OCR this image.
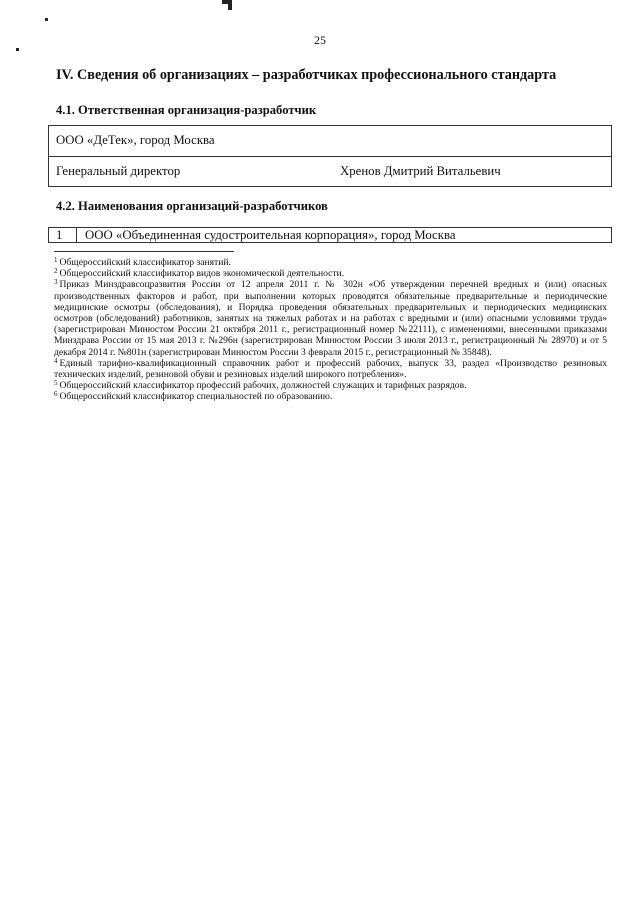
25
IV. Сведения об организациях – разработчиках профессионального стандарта
4.1. Ответственная организация-разработчик
ООО «ДеТек», город Москва
Генеральный директор	Хренов Дмитрий Витальевич
4.2. Наименования организаций-разработчиков
1	ООО «Объединенная судостроительная корпорация», город Москва

$^1$ Общероссийский классификатор занятий.

$^2$ Общероссийский классификатор видов экономической деятельности.

$^3$ Приказ Минздравсоцразвития России от 12 апреля 2011 г. № 302н «Об утверждении перечней вредных и (или) опасных производственных факторов и работ, при выполнении которых проводятся обязательные предварительные и периодические медицинские осмотры (обследования), и Порядка проведения обязательных предварительных и периодических медицинских осмотров (обследований) работников, занятых на тяжелых работах и на работах с вредными и (или) опасными условиями труда» (зарегистрирован Минюстом России 21 октября 2011 г., регистрационный номер №22111), с изменениями, внесенными приказами Минздрава России от 15 мая 2013 г. №296н (зарегистрирован Минюстом России 3 июля 2013 г., регистрационный № 28970) и от 5 декабря 2014 г. №801н (зарегистрирован Минюстом России 3 февраля 2015 г., регистрационный № 35848).

$^4$ Единый тарифно-квалификационный справочник работ и профессий рабочих, выпуск 33, раздел «Производство резиновых технических изделий, резиновой обуви и резиновых изделий широкого потребления».

$^5$ Общероссийский классификатор профессий рабочих, должностей служащих и тарифных разрядов.

$^6$ Общероссийский классификатор специальностей по образованию.
